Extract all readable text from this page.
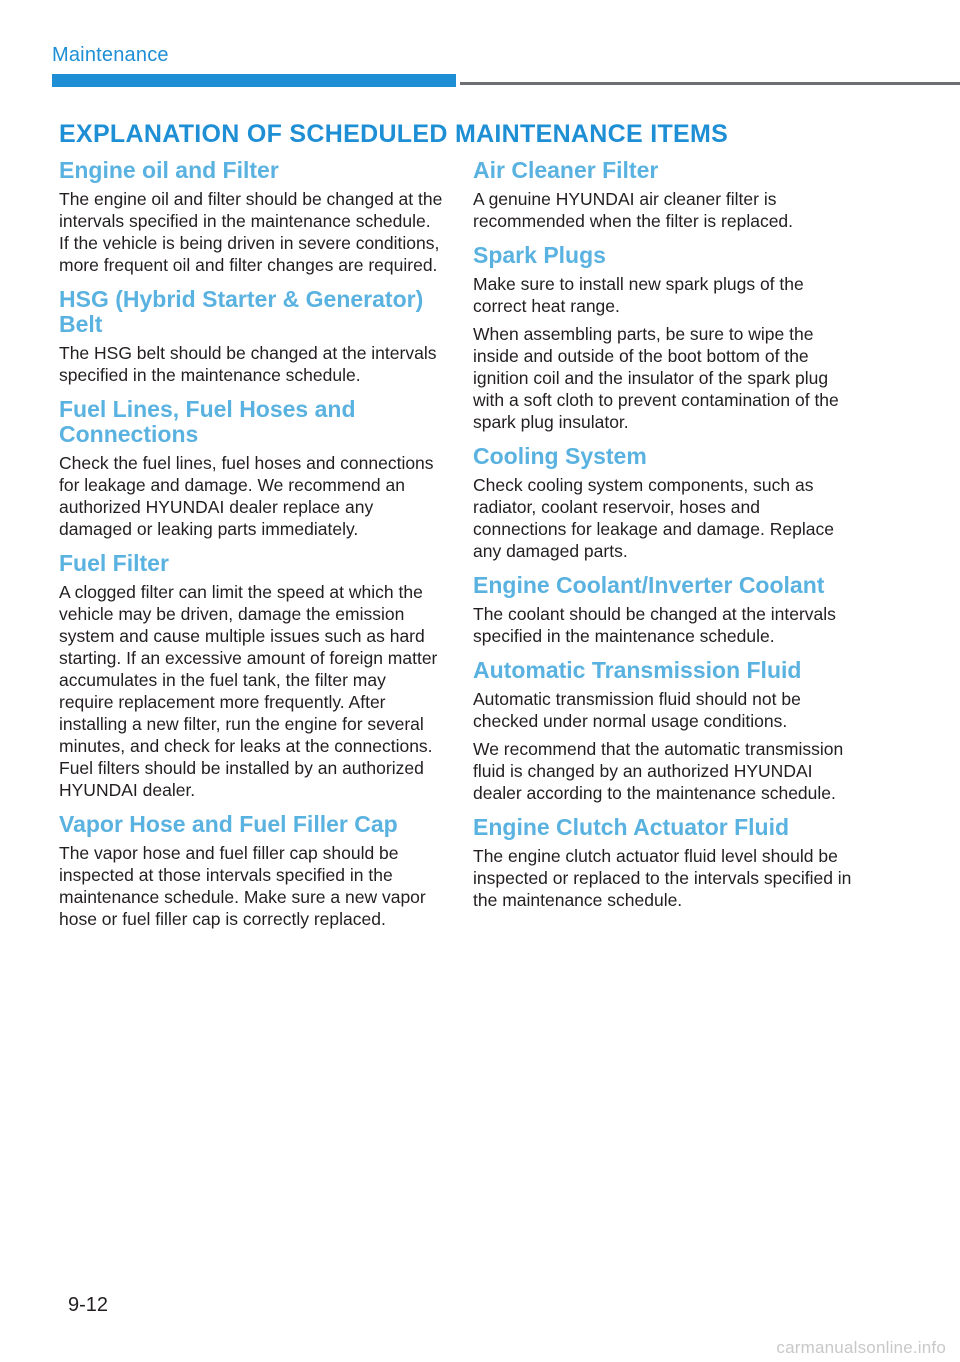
Maintenance
EXPLANATION OF SCHEDULED MAINTENANCE ITEMS
Engine oil and Filter

The engine oil and filter should be changed at the intervals specified in the maintenance schedule. If the vehicle is being driven in severe conditions, more frequent oil and filter changes are required.

HSG (Hybrid Starter & Generator) Belt

The HSG belt should be changed at the intervals specified in the maintenance schedule.

Fuel Lines, Fuel Hoses and Connections

Check the fuel lines, fuel hoses and connections for leakage and damage. We recommend an authorized HYUNDAI dealer replace any damaged or leaking parts immediately.

Fuel Filter

A clogged filter can limit the speed at which the vehicle may be driven, damage the emission system and cause multiple issues such as hard starting. If an excessive amount of foreign matter accumulates in the fuel tank, the filter may require replacement more frequently. After installing a new filter, run the engine for several minutes, and check for leaks at the connections. Fuel filters should be installed by an authorized HYUNDAI dealer.

Vapor Hose and Fuel Filler Cap

The vapor hose and fuel filler cap should be inspected at those intervals specified in the maintenance schedule. Make sure a new vapor hose or fuel filler cap is correctly replaced.

Air Cleaner Filter

A genuine HYUNDAI air cleaner filter is recommended when the filter is replaced.

Spark Plugs

Make sure to install new spark plugs of the correct heat range.

When assembling parts, be sure to wipe the inside and outside of the boot bottom of the ignition coil and the insulator of the spark plug with a soft cloth to prevent contamination of the spark plug insulator.

Cooling System

Check cooling system components, such as radiator, coolant reservoir, hoses and connections for leakage and damage. Replace any damaged parts.

Engine Coolant/Inverter Coolant

The coolant should be changed at the intervals specified in the maintenance schedule.

Automatic Transmission Fluid

Automatic transmission fluid should not be checked under normal usage conditions.

We recommend that the automatic transmission fluid is changed by an authorized HYUNDAI dealer according to the maintenance schedule.

Engine Clutch Actuator Fluid

The engine clutch actuator fluid level should be inspected or replaced to the intervals specified in the maintenance schedule.

9-12
carmanualsonline.info
